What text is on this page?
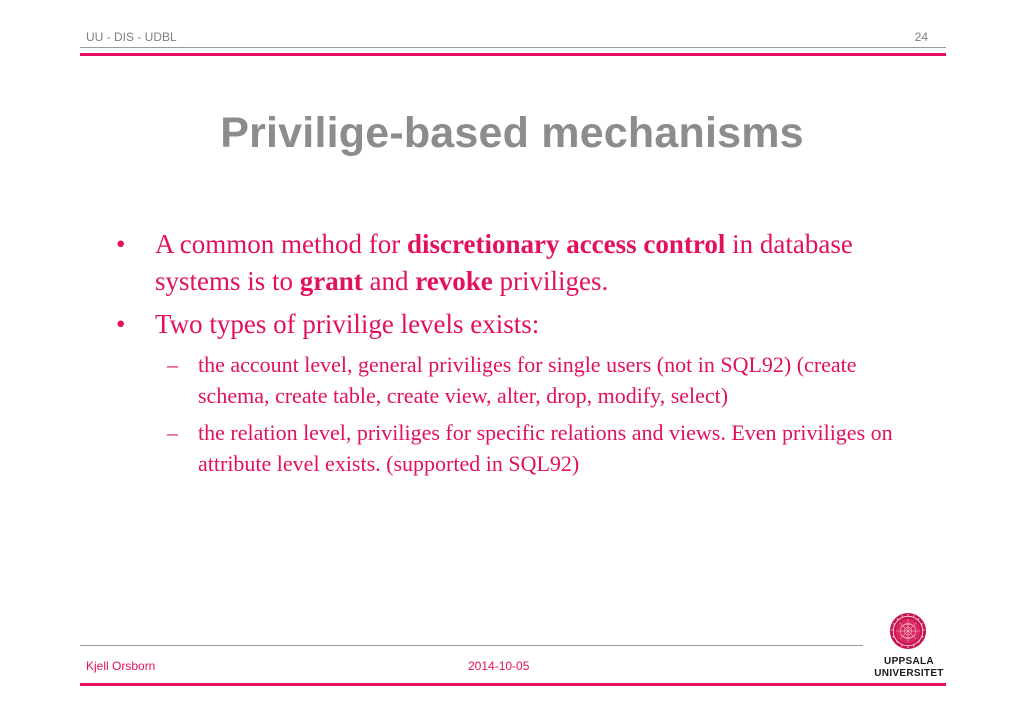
UU - DIS - UDBL	24
Privilige-based mechanisms
• A common method for discretionary access control in database systems is to grant and revoke priviliges.
• Two types of privilige levels exists:
– the account level, general priviliges for single users (not in SQL92) (create schema, create table, create view, alter, drop, modify, select)
– the relation level, priviliges for specific relations and views. Even priviliges on attribute level exists. (supported in SQL92)
Kjell Orsborn	2014-10-05	UPPSALA
UNIVERSITET
